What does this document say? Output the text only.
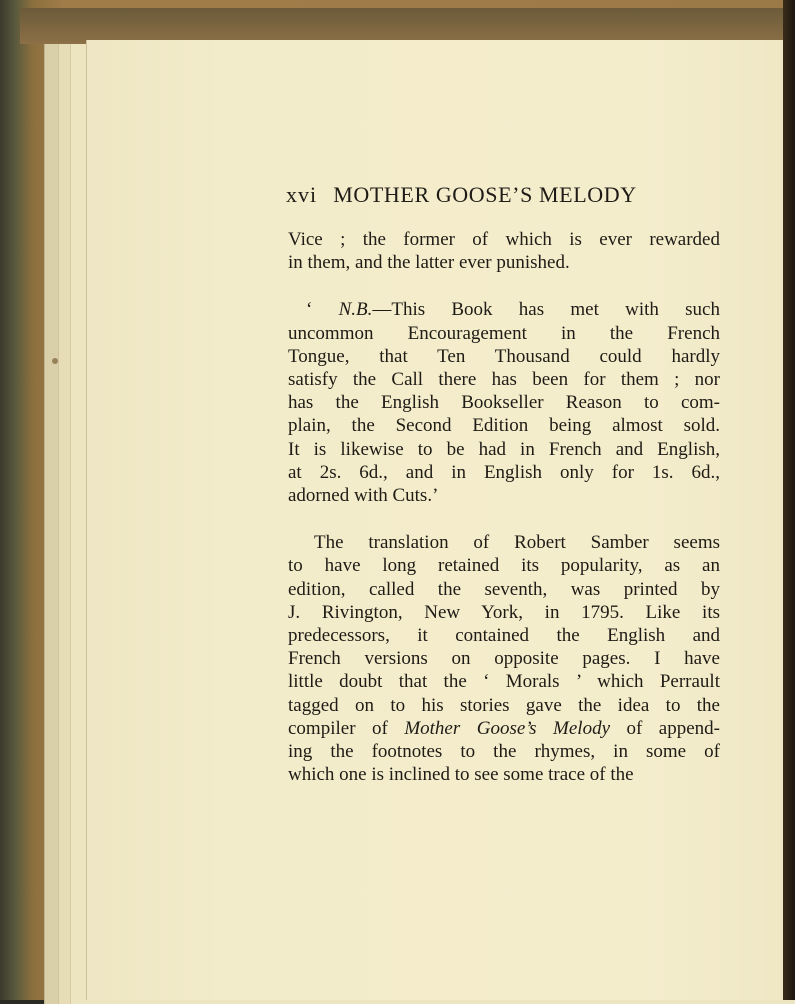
xvi MOTHER GOOSE’S MELODY
Vice ; the former of which is ever rewarded
in them, and the latter ever punished.
‘ N.B.—This Book has met with such
uncommon Encouragement in the French
Tongue, that Ten Thousand could hardly
satisfy the Call there has been for them ; nor
has the English Bookseller Reason to com-
plain, the Second Edition being almost sold.
It is likewise to be had in French and English,
at 2s. 6d., and in English only for 1s. 6d.,
adorned with Cuts.’
The translation of Robert Samber seems
to have long retained its popularity, as an
edition, called the seventh, was printed by
J. Rivington, New York, in 1795. Like its
predecessors, it contained the English and
French versions on opposite pages. I have
little doubt that the ‘ Morals ’ which Perrault
tagged on to his stories gave the idea to the
compiler of Mother Goose’s Melody of append-
ing the footnotes to the rhymes, in some of
which one is inclined to see some trace of the
